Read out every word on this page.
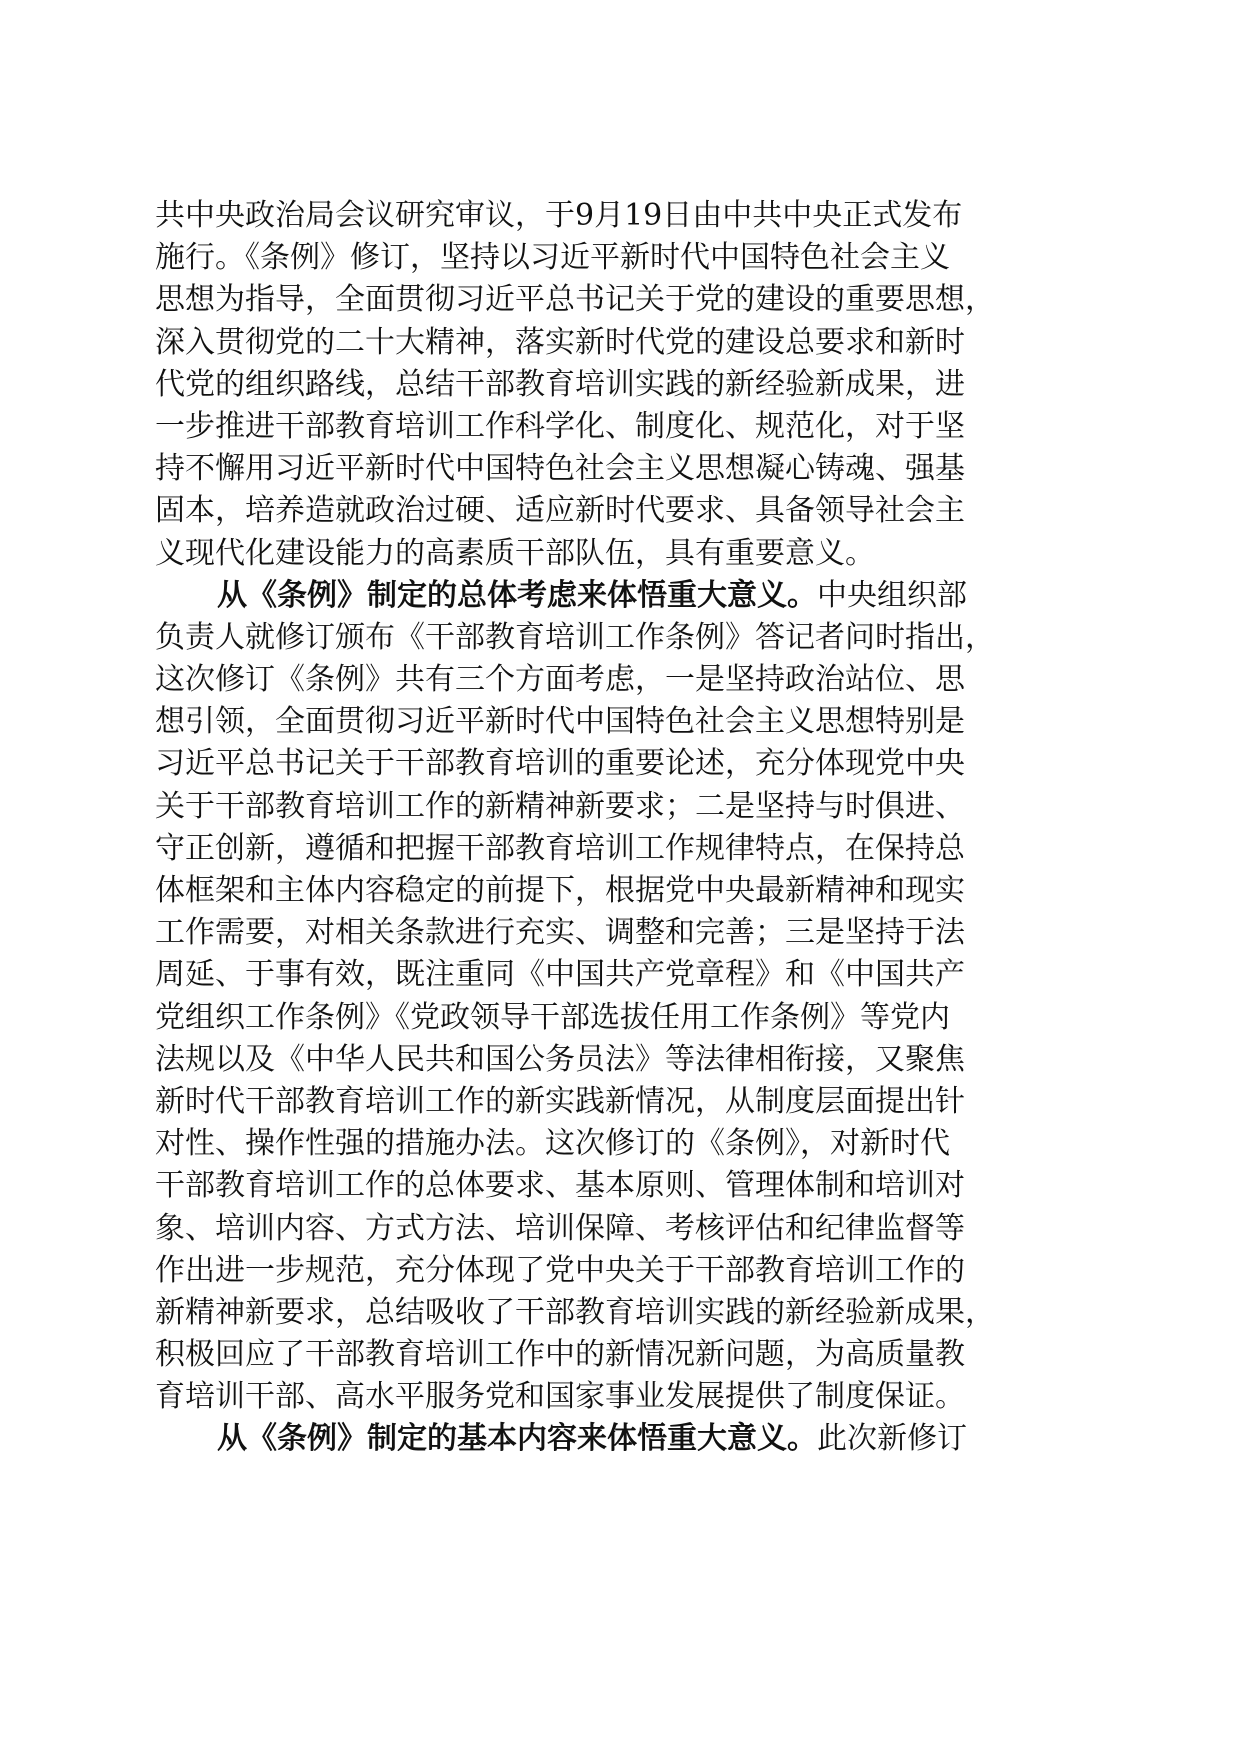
共中央政治局会议研究审议，于9月19日由中共中央正式发布
施行。《条例》修订，坚持以习近平新时代中国特色社会主义
思想为指导，全面贯彻习近平总书记关于党的建设的重要思想，
深入贯彻党的二十大精神，落实新时代党的建设总要求和新时
代党的组织路线，总结干部教育培训实践的新经验新成果，进
一步推进干部教育培训工作科学化、制度化、规范化，对于坚
持不懈用习近平新时代中国特色社会主义思想凝心铸魂、强基
固本，培养造就政治过硬、适应新时代要求、具备领导社会主
义现代化建设能力的高素质干部队伍，具有重要意义。
从《条例》制定的总体考虑来体悟重大意义。中央组织部
负责人就修订颁布《干部教育培训工作条例》答记者问时指出，
这次修订《条例》共有三个方面考虑，一是坚持政治站位、思
想引领，全面贯彻习近平新时代中国特色社会主义思想特别是
习近平总书记关于干部教育培训的重要论述，充分体现党中央
关于干部教育培训工作的新精神新要求；二是坚持与时俱进、
守正创新，遵循和把握干部教育培训工作规律特点，在保持总
体框架和主体内容稳定的前提下，根据党中央最新精神和现实
工作需要，对相关条款进行充实、调整和完善；三是坚持于法
周延、于事有效，既注重同《中国共产党章程》和《中国共产
党组织工作条例》《党政领导干部选拔任用工作条例》等党内
法规以及《中华人民共和国公务员法》等法律相衔接，又聚焦
新时代干部教育培训工作的新实践新情况，从制度层面提出针
对性、操作性强的措施办法。这次修订的《条例》，对新时代
干部教育培训工作的总体要求、基本原则、管理体制和培训对
象、培训内容、方式方法、培训保障、考核评估和纪律监督等
作出进一步规范，充分体现了党中央关于干部教育培训工作的
新精神新要求，总结吸收了干部教育培训实践的新经验新成果，
积极回应了干部教育培训工作中的新情况新问题，为高质量教
育培训干部、高水平服务党和国家事业发展提供了制度保证。
从《条例》制定的基本内容来体悟重大意义。此次新修订
